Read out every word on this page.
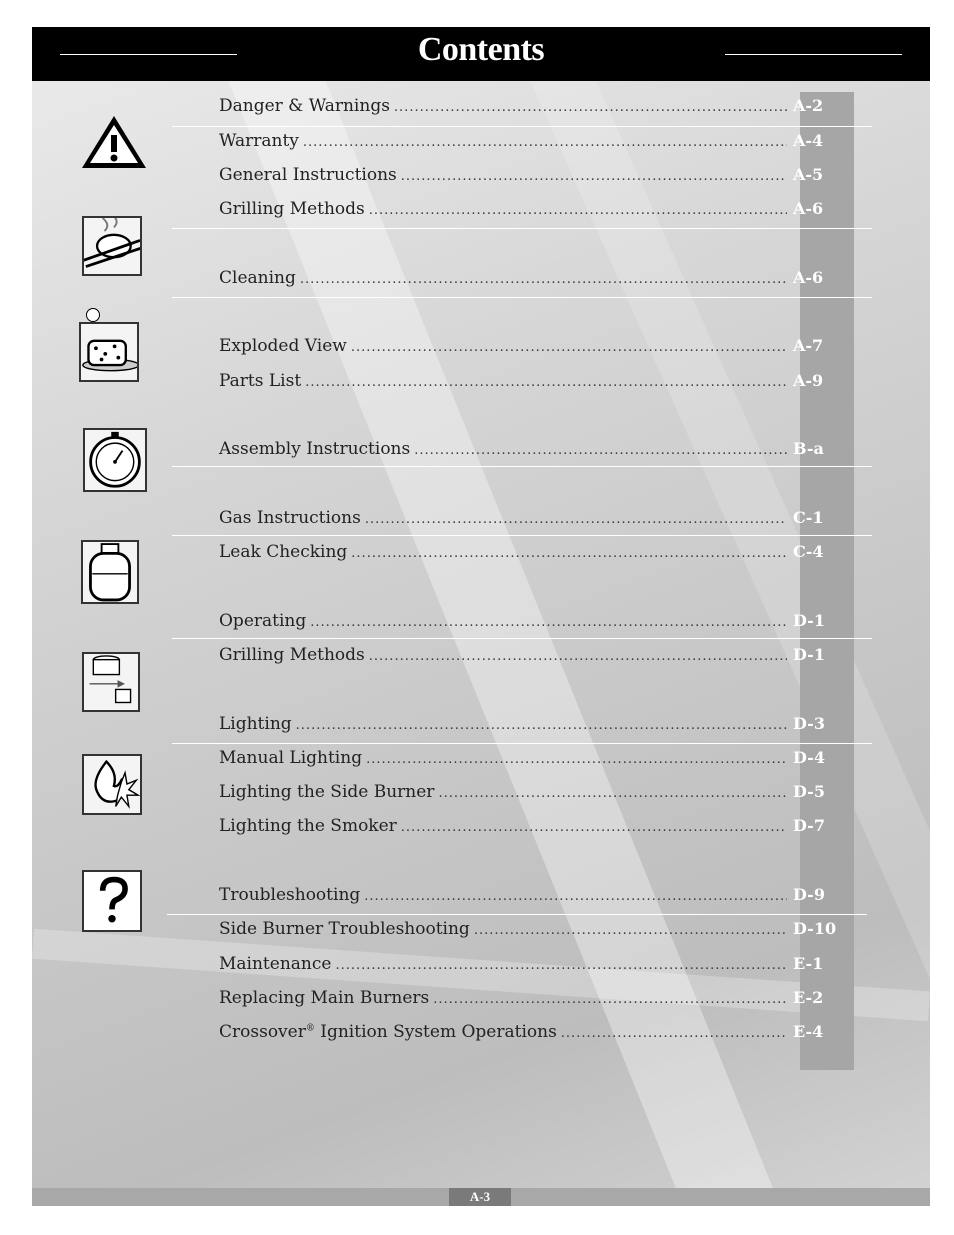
Contents
Danger & Warnings .....	A-2
Warranty .....	A-4
General Instructions .....	A-5
Grilling Methods .....	A-6
Cleaning .....	A-6
Exploded View .....	A-7
Parts List .....	A-9
Assembly Instructions .....	B-a
Gas Instructions .....	C-1
Leak Checking .....	C-4
Operating .....	D-1
Grilling Methods .....	D-1
Lighting .....	D-3
Manual Lighting .....	D-4
Lighting the Side Burner .....	D-5
Lighting the Smoker .....	D-7
Troubleshooting .....	D-9
Side Burner Troubleshooting .....	D-10
Maintenance .....	E-1
Replacing Main Burners .....	E-2
Crossover® Ignition System Operations .....	E-4
A-3
